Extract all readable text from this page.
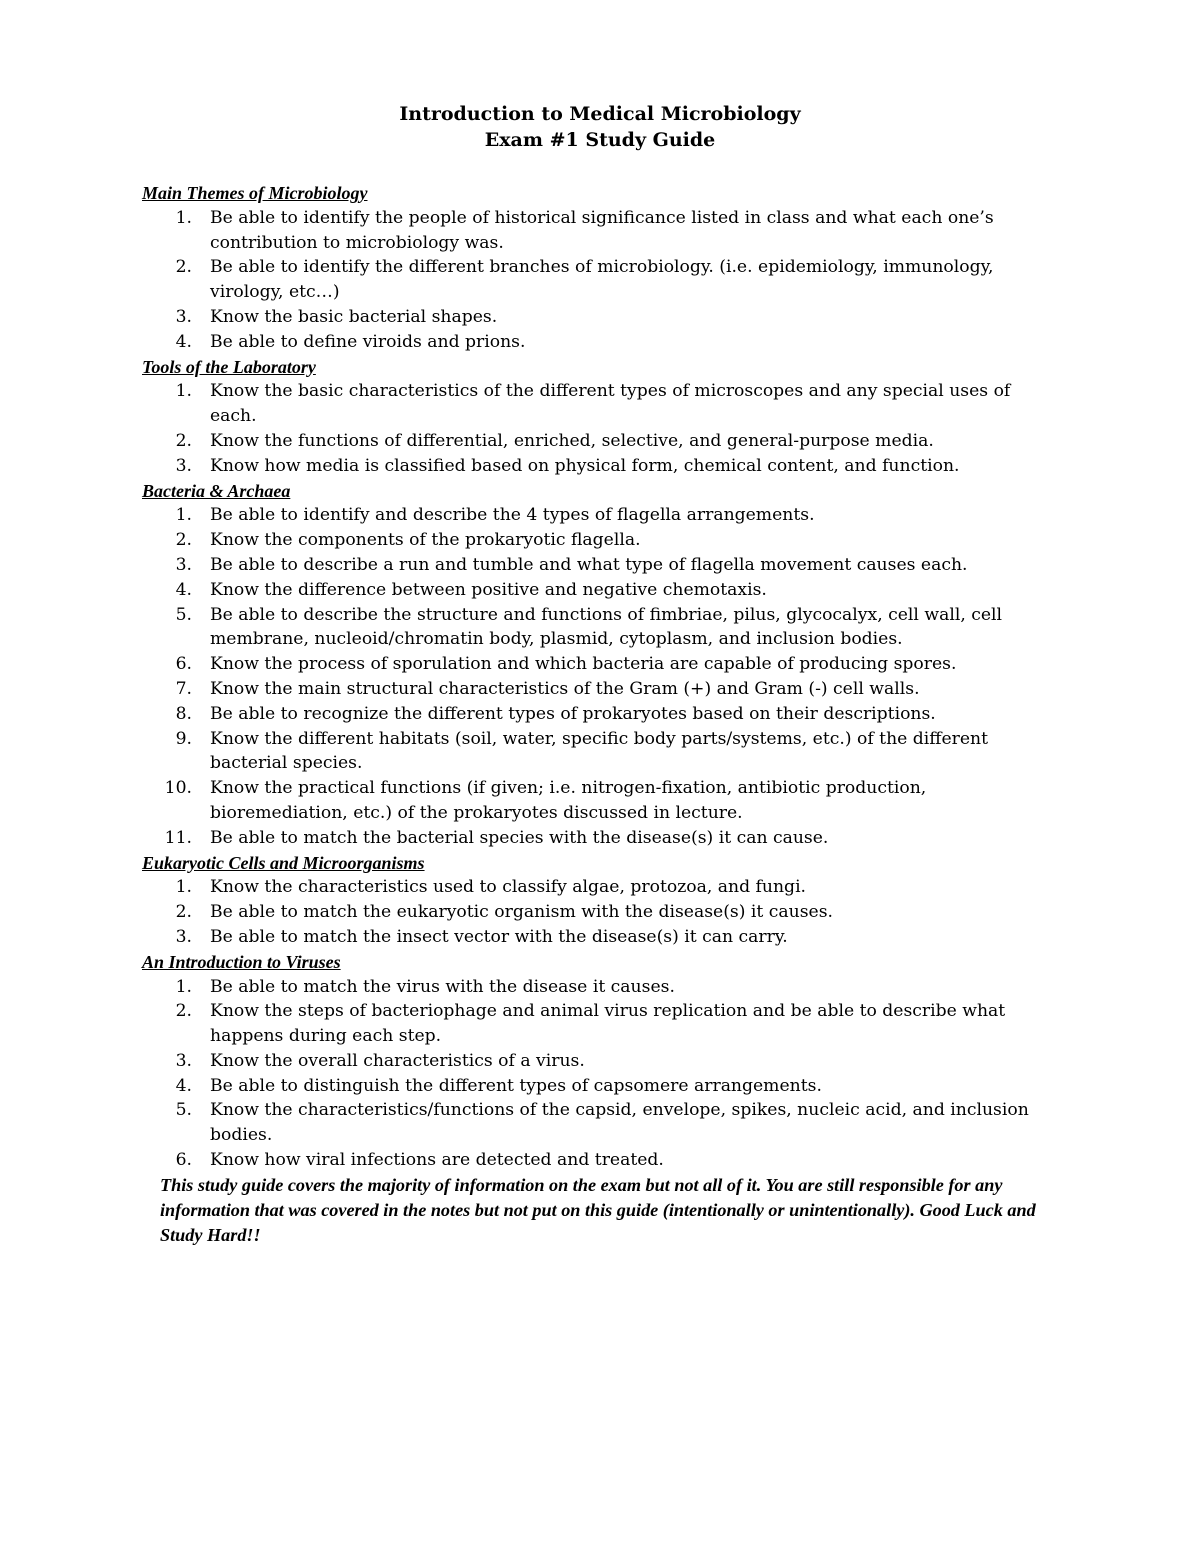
Introduction to Medical Microbiology
Exam #1 Study Guide
Main Themes of Microbiology
1. Be able to identify the people of historical significance listed in class and what each one’s contribution to microbiology was.
2. Be able to identify the different branches of microbiology. (i.e. epidemiology, immunology, virology, etc…)
3. Know the basic bacterial shapes.
4. Be able to define viroids and prions.
Tools of the Laboratory
1. Know the basic characteristics of the different types of microscopes and any special uses of each.
2. Know the functions of differential, enriched, selective, and general-purpose media.
3. Know how media is classified based on physical form, chemical content, and function.
Bacteria & Archaea
1. Be able to identify and describe the 4 types of flagella arrangements.
2. Know the components of the prokaryotic flagella.
3. Be able to describe a run and tumble and what type of flagella movement causes each.
4. Know the difference between positive and negative chemotaxis.
5. Be able to describe the structure and functions of fimbriae, pilus, glycocalyx, cell wall, cell membrane, nucleoid/chromatin body, plasmid, cytoplasm, and inclusion bodies.
6. Know the process of sporulation and which bacteria are capable of producing spores.
7. Know the main structural characteristics of the Gram (+) and Gram (-) cell walls.
8. Be able to recognize the different types of prokaryotes based on their descriptions.
9. Know the different habitats (soil, water, specific body parts/systems, etc.) of the different bacterial species.
10. Know the practical functions (if given; i.e. nitrogen-fixation, antibiotic production, bioremediation, etc.) of the prokaryotes discussed in lecture.
11. Be able to match the bacterial species with the disease(s) it can cause.
Eukaryotic Cells and Microorganisms
1. Know the characteristics used to classify algae, protozoa, and fungi.
2. Be able to match the eukaryotic organism with the disease(s) it causes.
3. Be able to match the insect vector with the disease(s) it can carry.
An Introduction to Viruses
1. Be able to match the virus with the disease it causes.
2. Know the steps of bacteriophage and animal virus replication and be able to describe what happens during each step.
3. Know the overall characteristics of a virus.
4. Be able to distinguish the different types of capsomere arrangements.
5. Know the characteristics/functions of the capsid, envelope, spikes, nucleic acid, and inclusion bodies.
6. Know how viral infections are detected and treated.
This study guide covers the majority of information on the exam but not all of it. You are still responsible for any information that was covered in the notes but not put on this guide (intentionally or unintentionally). Good Luck and Study Hard!!
